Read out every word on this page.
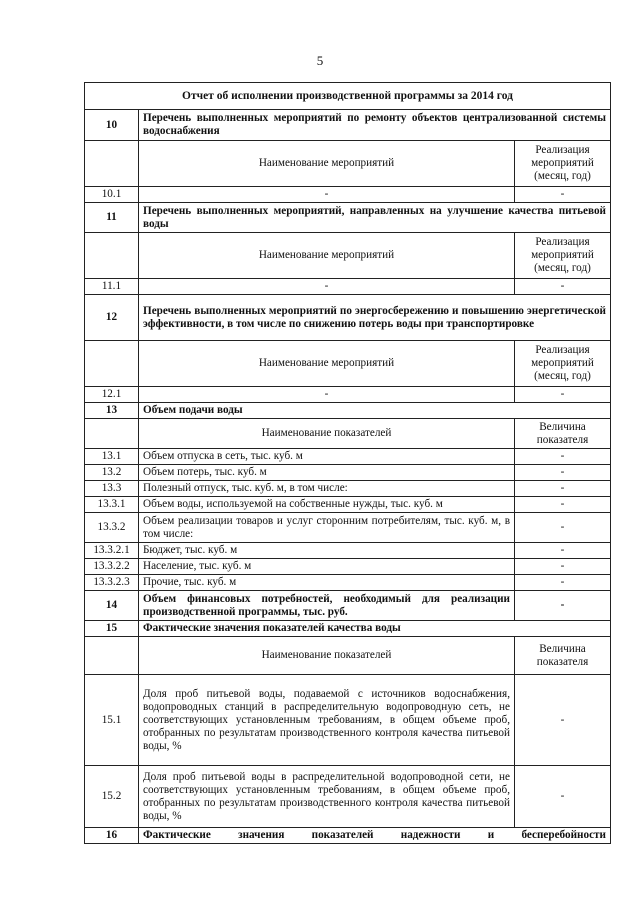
5
Отчет об исполнении производственной программы за 2014 год		
10	Перечень выполненных мероприятий по ремонту объектов централизованной системы водоснабжения	
	Наименование мероприятий	Реализация мероприятий (месяц, год)
10.1	-	-
11	Перечень выполненных мероприятий, направленных на улучшение качества питьевой воды	
	Наименование мероприятий	Реализация мероприятий (месяц, год)
11.1	-	-
12	Перечень выполненных мероприятий по энергосбережению и повышению энергетической эффективности, в том числе по снижению потерь воды при транспортировке	
	Наименование мероприятий	Реализация мероприятий (месяц, год)
12.1	-	-
13	Объем подачи воды	
	Наименование показателей	Величина показателя
13.1	Объем отпуска в сеть, тыс. куб. м	-
13.2	Объем потерь, тыс. куб. м	-
13.3	Полезный отпуск, тыс. куб. м, в том числе:	-
13.3.1	Объем воды, используемой на собственные нужды, тыс. куб. м	-
13.3.2	Объем реализации товаров и услуг сторонним потребителям, тыс. куб. м, в том числе:	-
13.3.2.1	Бюджет, тыс. куб. м	-
13.3.2.2	Население, тыс. куб. м	-
13.3.2.3	Прочие, тыс. куб. м	-
14	Объем финансовых потребностей, необходимый для реализации производственной программы, тыс. руб.	-
15	Фактические значения показателей качества воды	
	Наименование показателей	Величина показателя
15.1	Доля проб питьевой воды, подаваемой с источников водоснабжения, водопроводных станций в распределительную водопроводную сеть, не соответствующих установленным требованиям, в общем объеме проб, отобранных по результатам производственного контроля качества питьевой воды, %	-
15.2	Доля проб питьевой воды в распределительной водопроводной сети, не соответствующих установленным требованиям, в общем объеме проб, отобранных по результатам производственного контроля качества питьевой воды, %	-
16	Фактические значения показателей надежности и бесперебойности	
